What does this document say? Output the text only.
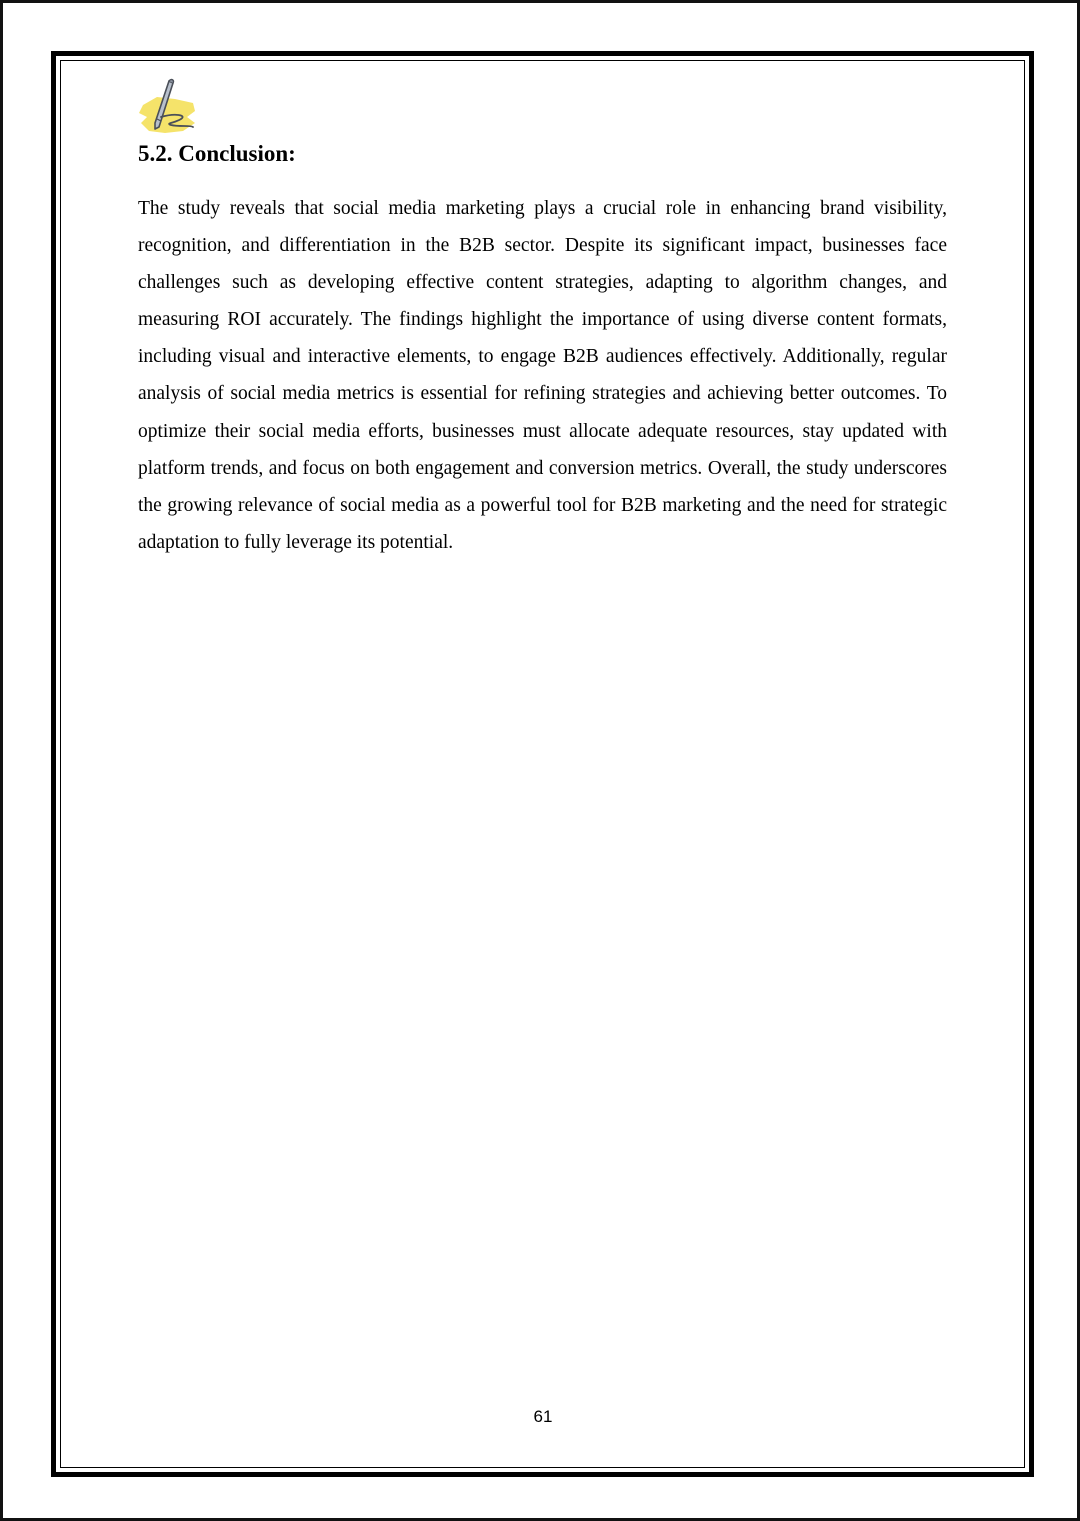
5.2. Conclusion:

The study reveals that social media marketing plays a crucial role in enhancing brand visibility, recognition, and differentiation in the B2B sector. Despite its significant impact, businesses face challenges such as developing effective content strategies, adapting to algorithm changes, and measuring ROI accurately. The findings highlight the importance of using diverse content formats, including visual and interactive elements, to engage B2B audiences effectively. Additionally, regular analysis of social media metrics is essential for refining strategies and achieving better outcomes. To optimize their social media efforts, businesses must allocate adequate resources, stay updated with platform trends, and focus on both engagement and conversion metrics. Overall, the study underscores the growing relevance of social media as a powerful tool for B2B marketing and the need for strategic adaptation to fully leverage its potential.

61
